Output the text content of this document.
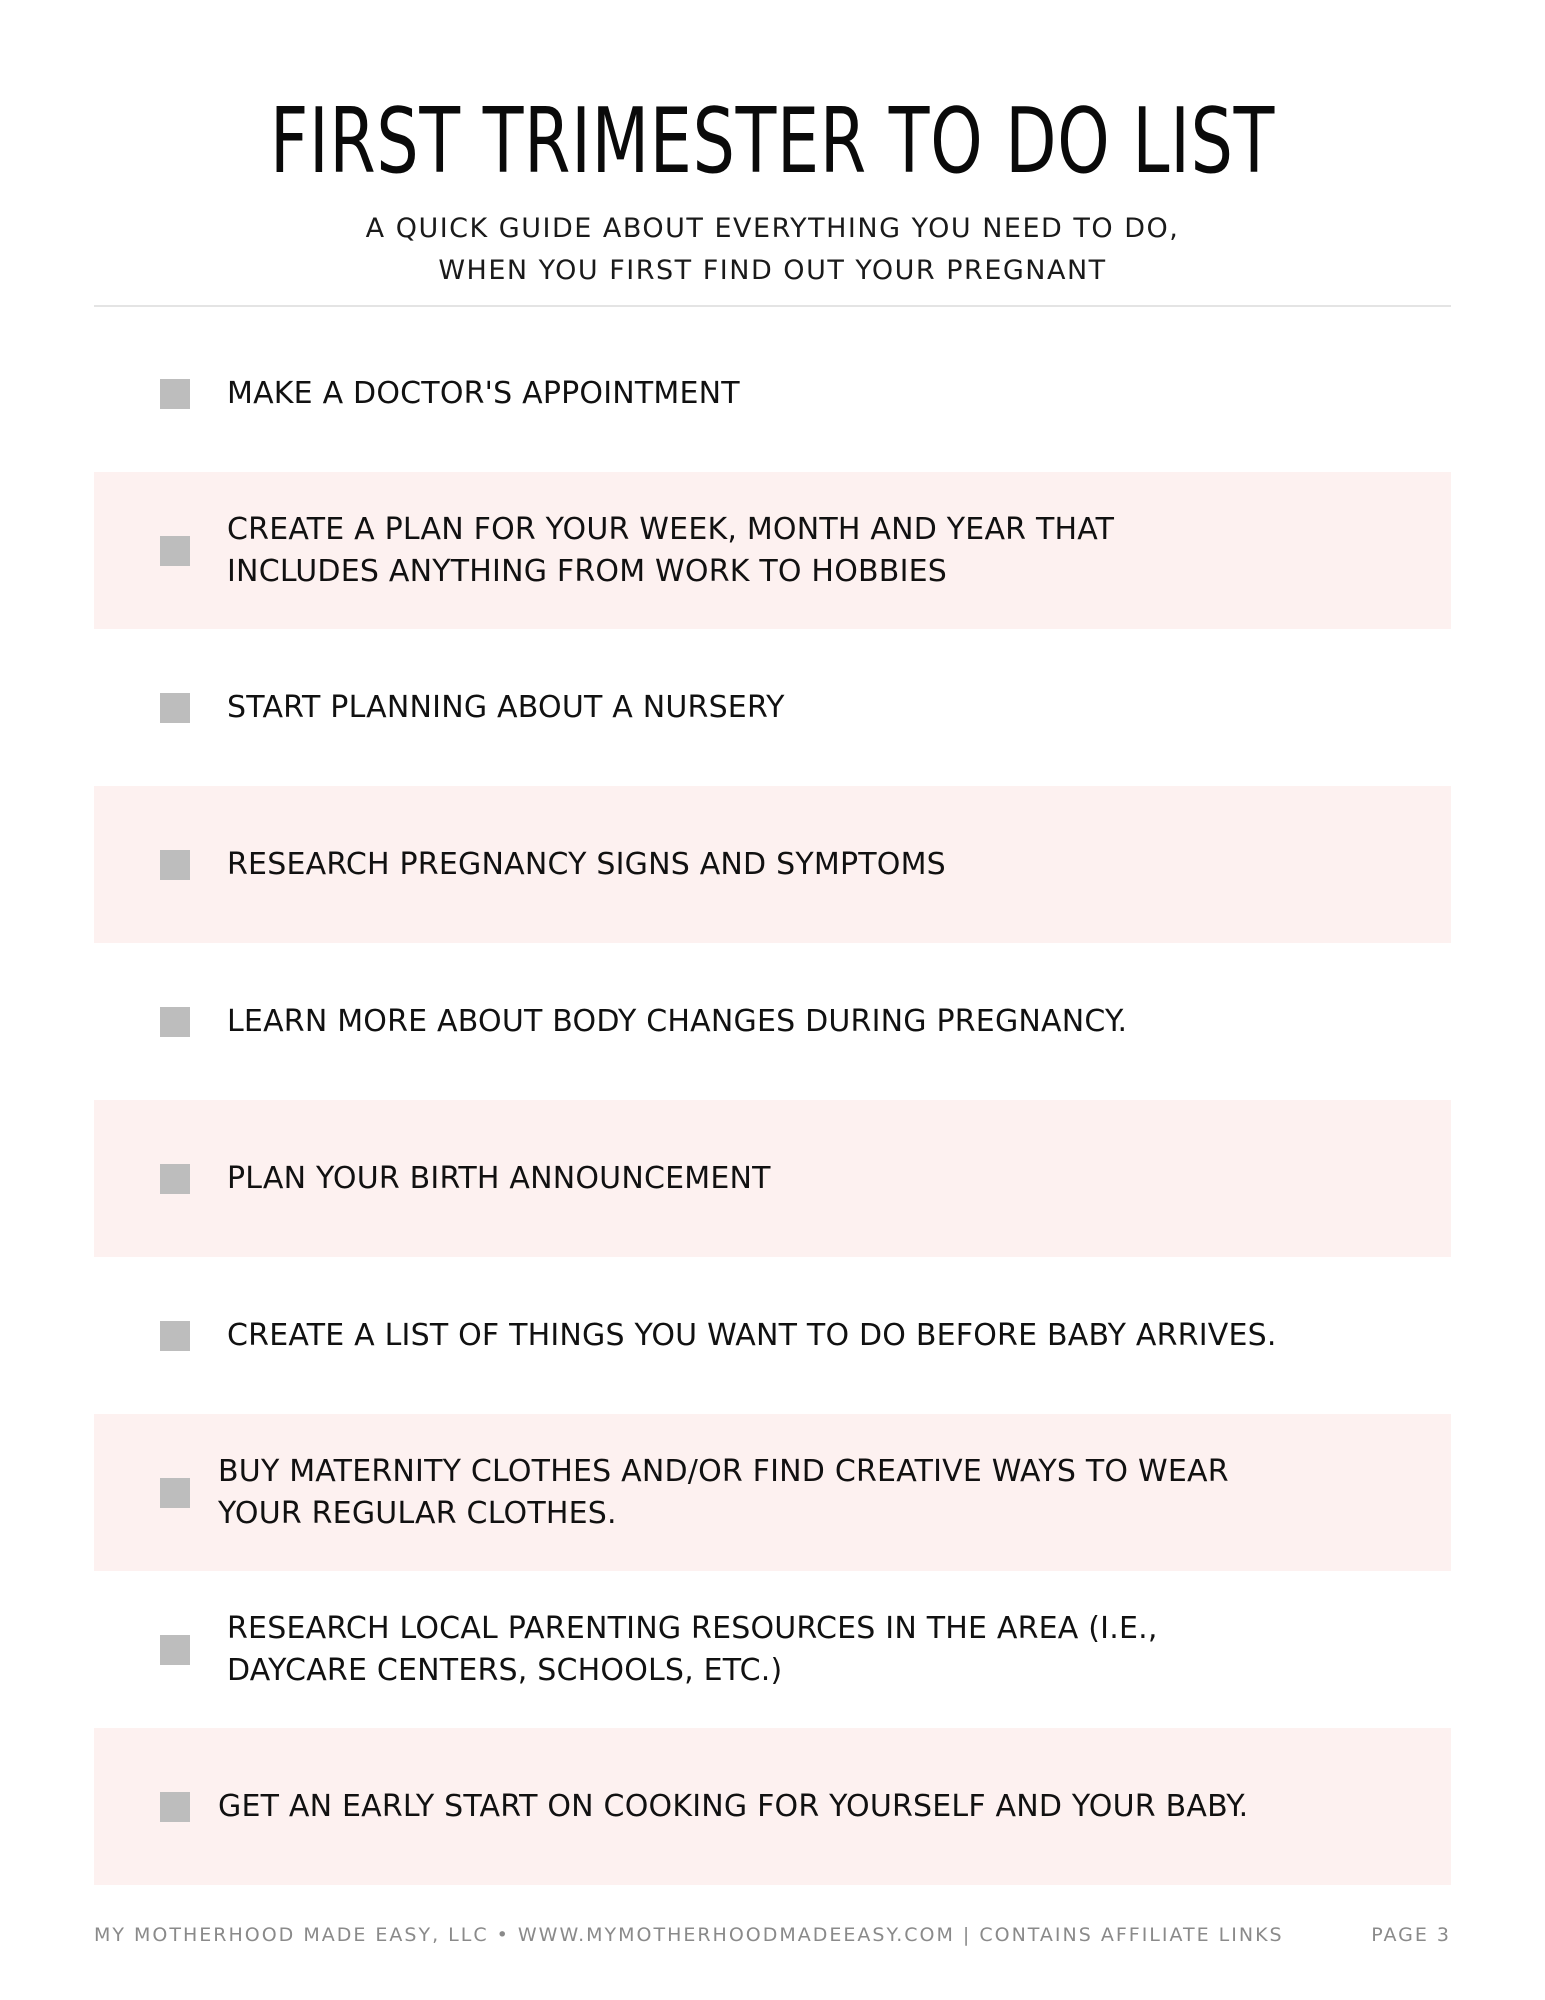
FIRST TRIMESTER TO DO LIST
A QUICK GUIDE ABOUT EVERYTHING YOU NEED TO DO,
WHEN YOU FIRST FIND OUT YOUR PREGNANT
MAKE A DOCTOR'S APPOINTMENT
CREATE A PLAN FOR YOUR WEEK, MONTH AND YEAR THAT
INCLUDES ANYTHING FROM WORK TO HOBBIES
START PLANNING ABOUT A NURSERY
RESEARCH PREGNANCY SIGNS AND SYMPTOMS
LEARN MORE ABOUT BODY CHANGES DURING PREGNANCY.
PLAN YOUR BIRTH ANNOUNCEMENT
CREATE A LIST OF THINGS YOU WANT TO DO BEFORE BABY ARRIVES.
BUY MATERNITY CLOTHES AND/OR FIND CREATIVE WAYS TO WEAR
YOUR REGULAR CLOTHES.
RESEARCH LOCAL PARENTING RESOURCES IN THE AREA (I.E.,
DAYCARE CENTERS, SCHOOLS, ETC.)
GET AN EARLY START ON COOKING FOR YOURSELF AND YOUR BABY.
MY MOTHERHOOD MADE EASY, LLC • WWW.MYMOTHERHOODMADEEASY.COM | CONTAINS AFFILIATE LINKS	PAGE 3
